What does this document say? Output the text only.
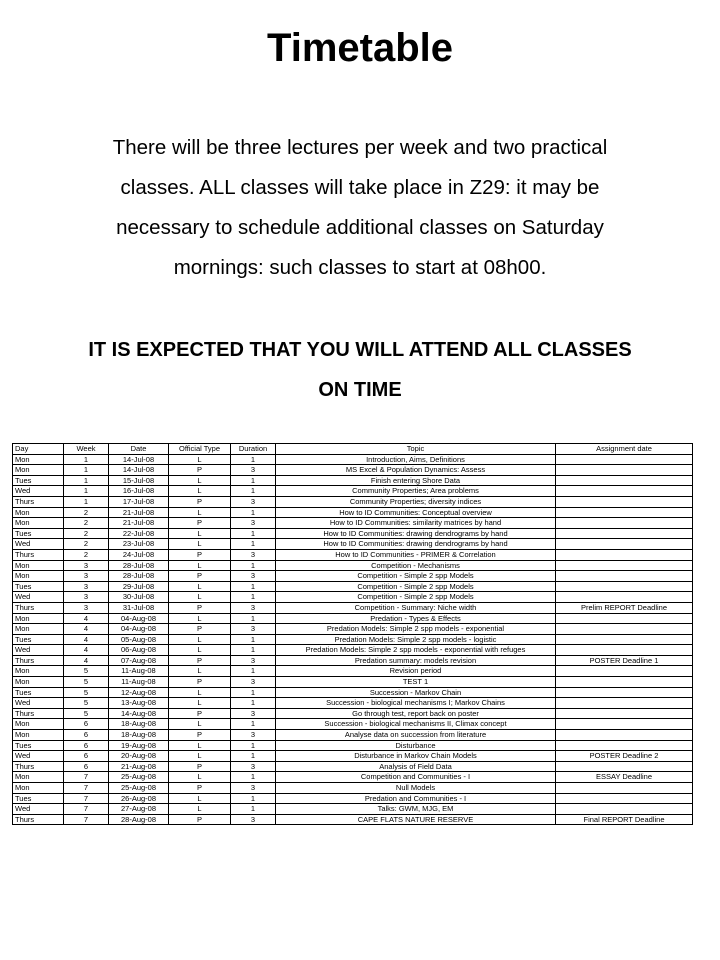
Timetable
There will be three lectures per week and two practical
classes. ALL classes will take place in Z29: it may be
necessary to schedule additional classes on Saturday
mornings: such classes to start at 08h00.
IT IS EXPECTED THAT YOU WILL ATTEND ALL CLASSES
ON TIME
Day	Week	Date	Official Type	Duration	Topic	Assignment date
Mon	1	14-Jul-08	L	1	Introduction, Aims, Definitions	
Mon	1	14-Jul-08	P	3	MS Excel & Population Dynamics: Assess	
Tues	1	15-Jul-08	L	1	Finish entering Shore Data	
Wed	1	16-Jul-08	L	1	Community Properties; Area problems	
Thurs	1	17-Jul-08	P	3	Community Properties; diversity indices	
Mon	2	21-Jul-08	L	1	How to ID Communities: Conceptual overview	
Mon	2	21-Jul-08	P	3	How to ID Communities: similarity matrices by hand	
Tues	2	22-Jul-08	L	1	How to ID Communities: drawing dendrograms by hand	
Wed	2	23-Jul-08	L	1	How to ID Communities: drawing dendrograms by hand	
Thurs	2	24-Jul-08	P	3	How to ID Communities - PRIMER & Correlation	
Mon	3	28-Jul-08	L	1	Competition - Mechanisms	
Mon	3	28-Jul-08	P	3	Competition - Simple 2 spp Models	
Tues	3	29-Jul-08	L	1	Competition - Simple 2 spp Models	
Wed	3	30-Jul-08	L	1	Competition - Simple 2 spp Models	
Thurs	3	31-Jul-08	P	3	Competition - Summary: Niche width	Prelim REPORT Deadline
Mon	4	04-Aug-08	L	1	Predation - Types & Effects	
Mon	4	04-Aug-08	P	3	Predation Models: Simple 2 spp models - exponential	
Tues	4	05-Aug-08	L	1	Predation Models: Simple 2 spp models - logistic	
Wed	4	06-Aug-08	L	1	Predation Models: Simple 2 spp models - exponential with refuges	
Thurs	4	07-Aug-08	P	3	Predation summary: models revision	POSTER Deadline 1
Mon	5	11-Aug-08	L	1	Revision period	
Mon	5	11-Aug-08	P	3	TEST 1	
Tues	5	12-Aug-08	L	1	Succession - Markov Chain	
Wed	5	13-Aug-08	L	1	Succession - biological mechanisms I; Markov Chains	
Thurs	5	14-Aug-08	P	3	Go through test, report back on poster	
Mon	6	18-Aug-08	L	1	Succession - biological mechanisms II, Climax concept	
Mon	6	18-Aug-08	P	3	Analyse data on succession from literature	
Tues	6	19-Aug-08	L	1	Disturbance	
Wed	6	20-Aug-08	L	1	Disturbance in Markov Chain Models	POSTER Deadline 2
Thurs	6	21-Aug-08	P	3	Analysis of Field Data	
Mon	7	25-Aug-08	L	1	Competition and Communities - I	ESSAY Deadline
Mon	7	25-Aug-08	P	3	Null Models	
Tues	7	26-Aug-08	L	1	Predation and Communities - I	
Wed	7	27-Aug-08	L	1	Talks: GWM, MJG, EM	
Thurs	7	28-Aug-08	P	3	CAPE FLATS NATURE RESERVE	Final REPORT Deadline
